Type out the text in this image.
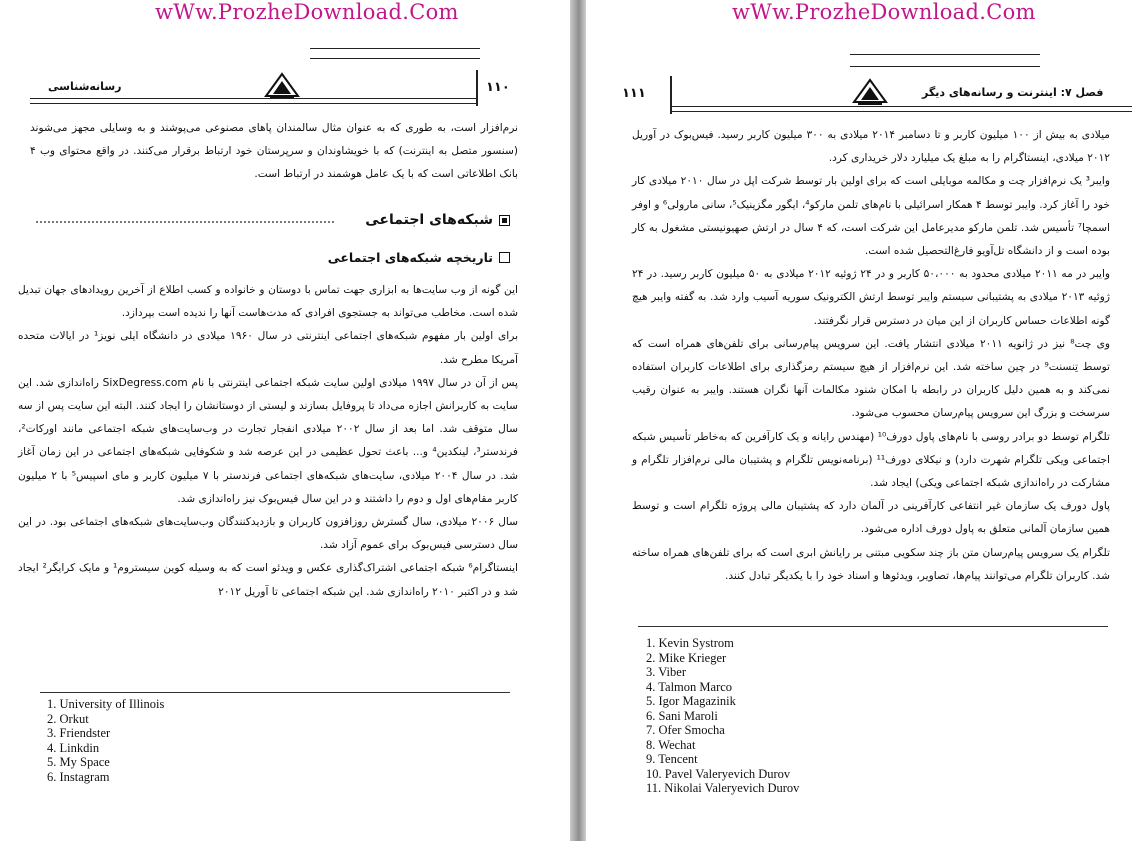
wWw.ProzheDownload.Com
رسانه‌شناسی	۱۱۰

نرم‌افزار است، به طوری که به عنوان مثال سالمندان پاهای مصنوعی می‌پوشند و به وسایلی مجهز می‌شوند (سنسور متصل به اینترنت) که با خویشاوندان و سرپرستان خود ارتباط برقرار می‌کنند. در واقع محتوای وب ۴ بانک اطلاعاتی است که با یک عامل هوشمند در ارتباط است.

شبکه‌های اجتماعی
تاریخچه شبکه‌های اجتماعی

این گونه از وب سایت‌ها به ابزاری جهت تماس با دوستان و خانواده و کسب اطلاع از آخرین رویدادهای جهان تبدیل شده است. مخاطب می‌تواند به جستجوی افرادی که مدت‌هاست آنها را ندیده است بپردازد.

برای اولین بار مفهوم شبکه‌های اجتماعی اینترنتی در سال ۱۹۶۰ میلادی در دانشگاه ایلی نویز¹ در ایالات متحده آمریکا مطرح شد.

پس از آن در سال ۱۹۹۷ میلادی اولین سایت شبکه اجتماعی اینترنتی با نام SixDegress.com راه‌اندازی شد. این سایت به کاربرانش اجازه می‌داد تا پروفایل بسازند و لیستی از دوستانشان را ایجاد کنند. البته این سایت پس از سه سال متوقف شد. اما بعد از سال ۲۰۰۲ میلادی انفجار تجارت در وب‌سایت‌های شبکه اجتماعی مانند اورکات²، فرندستر³، لینکدین⁴ و... باعث تحول عظیمی در این عرصه شد و شکوفایی شبکه‌های اجتماعی در این زمان آغاز شد. در سال ۲۰۰۴ میلادی، سایت‌های شبکه‌های اجتماعی فرندستر با ۷ میلیون کاربر و مای اسپیس⁵ با ۲ میلیون کاربر مقام‌های اول و دوم را داشتند و در این سال فیس‌بوک نیز راه‌اندازی شد.

سال ۲۰۰۶ میلادی، سال گسترش روزافزون کاربران و بازدیدکنندگان وب‌سایت‌های شبکه‌های اجتماعی بود. در این سال دسترسی فیس‌بوک برای عموم آزاد شد.

اینستاگرام⁶ شبکه اجتماعی اشتراک‌گذاری عکس و ویدئو است که به وسیله کوین سیستروم¹ و مایک کرایگر² ایجاد شد و در اکتبر ۲۰۱۰ راه‌اندازی شد. این شبکه اجتماعی تا آوریل ۲۰۱۲

1. University of Illinois
2. Orkut
3. Friendster
4. Linkdin
5. My Space
6. Instagram
wWw.ProzheDownload.Com
۱۱۱	فصل ۷: اینترنت و رسانه‌های دیگر

میلادی به بیش از ۱۰۰ میلیون کاربر و تا دسامبر ۲۰۱۴ میلادی به ۳۰۰ میلیون کاربر رسید. فیس‌بوک در آوریل ۲۰۱۲ میلادی، اینستاگرام را به مبلغ یک میلیارد دلار خریداری کرد.

وایبر³ یک نرم‌افزار چت و مکالمه موبایلی است که برای اولین بار توسط شرکت اپل در سال ۲۰۱۰ میلادی کار خود را آغاز کرد. وایبر توسط ۴ همکار اسرائیلی با نام‌های تلمن مارکو⁴، ایگور مگزینیک⁵، سانی مارولی⁶ و اوفر اسمچا⁷ تأسیس شد. تلمن مارکو مدیرعامل این شرکت است، که ۴ سال در ارتش صهیونیستی مشغول به کار بوده است و از دانشگاه تل‌آویو فارغ‌التحصیل شده است.

وایبر در مه ۲۰۱۱ میلادی محدود به ۵۰،۰۰۰ کاربر و در ۲۴ ژوئیه ۲۰۱۲ میلادی به ۵۰ میلیون کاربر رسید. در ۲۴ ژوئیه ۲۰۱۳ میلادی به پشتیبانی سیستم وایبر توسط ارتش الکترونیک سوریه آسیب وارد شد. به گفته وایبر هیچ گونه اطلاعات حساس کاربران از این میان در دسترس قرار نگرفتند.

وی چت⁸ نیز در ژانویه ۲۰۱۱ میلادی انتشار یافت. این سرویس پیام‌رسانی برای تلفن‌های همراه است که توسط تِنسنت⁹ در چین ساخته شد. این نرم‌افزار از هیچ سیستم رمزگذاری برای اطلاعات کاربران استفاده نمی‌کند و به همین دلیل کاربران در رابطه با امکان شنود مکالمات آنها نگران هستند. وایبر به عنوان رقیب سرسخت و بزرگ این سرویس پیام‌رسان محسوب می‌شود.

تلگرام توسط دو برادر روسی با نام‌های پاول دورف¹⁰ (مهندس رایانه و یک کارآفرین که به‌خاطر تأسیس شبکه اجتماعی ویکی تلگرام شهرت دارد) و نیکلای دورف¹¹ (برنامه‌نویس تلگرام و پشتیبان مالی نرم‌افزار تلگرام و مشارکت در راه‌اندازی شبکه اجتماعی ویکی) ایجاد شد.

پاول دورف یک سازمان غیر انتفاعی کارآفرینی در آلمان دارد که پشتیبان مالی پروژه تلگرام است و توسط همین سازمان آلمانی متعلق به پاول دورف اداره می‌شود.

تلگرام یک سرویس پیام‌رسان متن باز چند سکویی مبتنی بر رایانش ابری است که برای تلفن‌های همراه ساخته شد. کاربران تلگرام می‌توانند پیام‌ها، تصاویر، ویدئوها و اسناد خود را با یکدیگر تبادل کنند.

1. Kevin Systrom
2. Mike Krieger
3. Viber
4. Talmon Marco
5. Igor Magazinik
6. Sani Maroli
7. Ofer Smocha
8. Wechat
9. Tencent
10. Pavel Valeryevich Durov
11. Nikolai Valeryevich Durov
